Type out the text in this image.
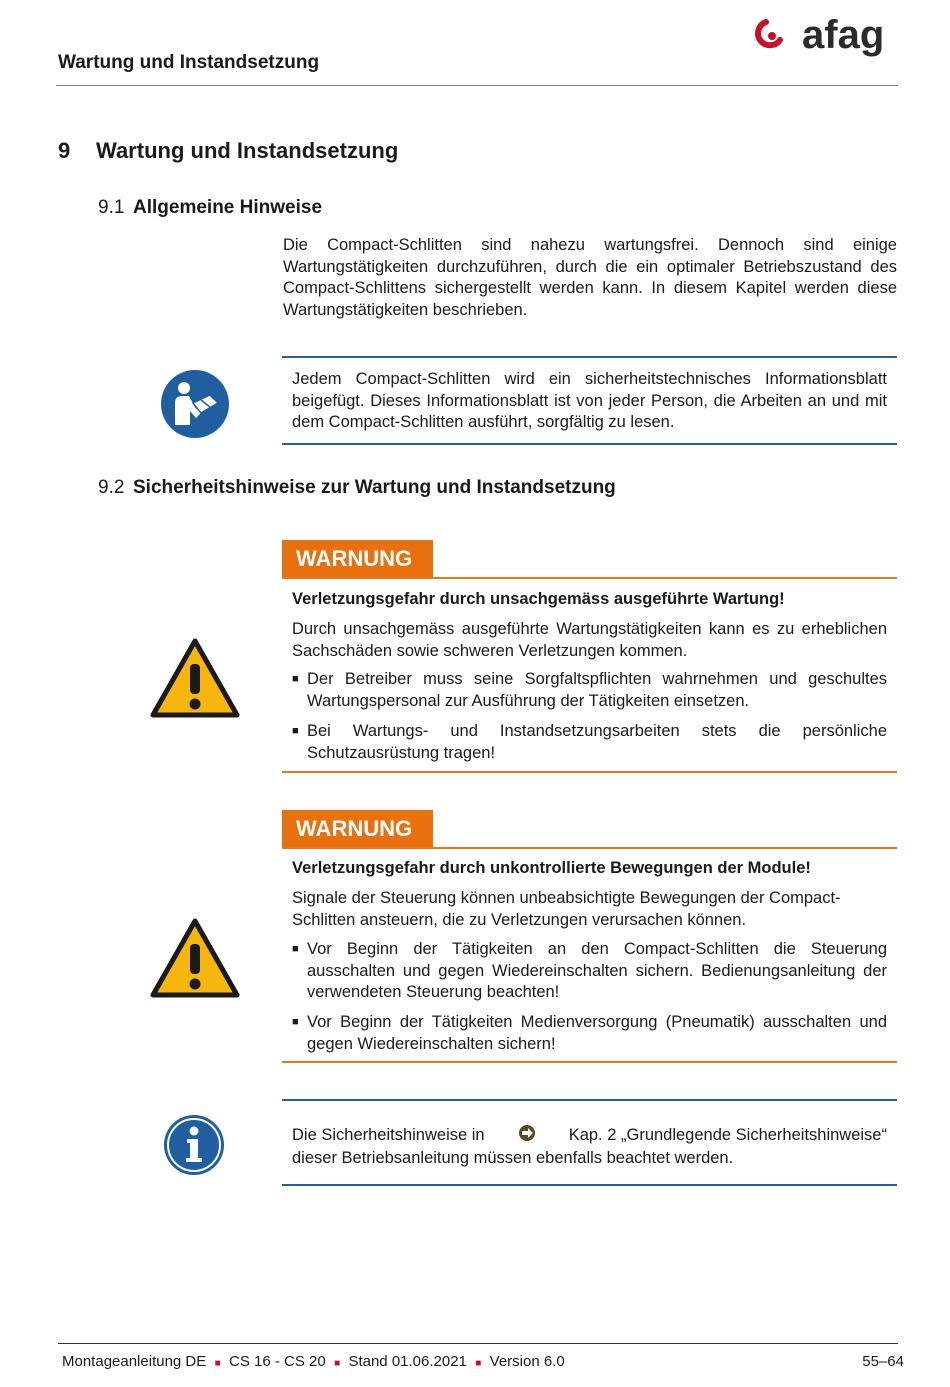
Wartung und Instandsetzung
afag
9 Wartung und Instandsetzung
9.1 Allgemeine Hinweise
Die Compact-Schlitten sind nahezu wartungsfrei. Dennoch sind einige Wartungstätigkeiten durchzuführen, durch die ein optimaler Betriebszustand des Compact-Schlittens sichergestellt werden kann. In diesem Kapitel werden diese Wartungstätigkeiten beschrieben.
Jedem Compact-Schlitten wird ein sicherheitstechnisches Informationsblatt beigefügt. Dieses Informationsblatt ist von jeder Person, die Arbeiten an und mit dem Compact-Schlitten ausführt, sorgfältig zu lesen.
9.2 Sicherheitshinweise zur Wartung und Instandsetzung
WARNUNG
Verletzungsgefahr durch unsachgemäss ausgeführte Wartung!
Durch unsachgemäss ausgeführte Wartungstätigkeiten kann es zu erheblichen Sachschäden sowie schweren Verletzungen kommen.
■ Der Betreiber muss seine Sorgfaltspflichten wahrnehmen und geschultes Wartungspersonal zur Ausführung der Tätigkeiten einsetzen.
■ Bei Wartungs- und Instandsetzungsarbeiten stets die persönliche Schutzausrüstung tragen!
WARNUNG
Verletzungsgefahr durch unkontrollierte Bewegungen der Module!
Signale der Steuerung können unbeabsichtigte Bewegungen der Compact-Schlitten ansteuern, die zu Verletzungen verursachen können.
■ Vor Beginn der Tätigkeiten an den Compact-Schlitten die Steuerung ausschalten und gegen Wiedereinschalten sichern. Bedienungsanleitung der verwendeten Steuerung beachten!
■ Vor Beginn der Tätigkeiten Medienversorgung (Pneumatik) ausschalten und gegen Wiedereinschalten sichern!
Die Sicherheitshinweise in	Kap. 2 „Grundlegende Sicherheitshinweise“
dieser Betriebsanleitung müssen ebenfalls beachtet werden.
Montageanleitung DE ■ CS 16 - CS 20 ■ Stand 01.06.2021 ■ Version 6.0	55–64
